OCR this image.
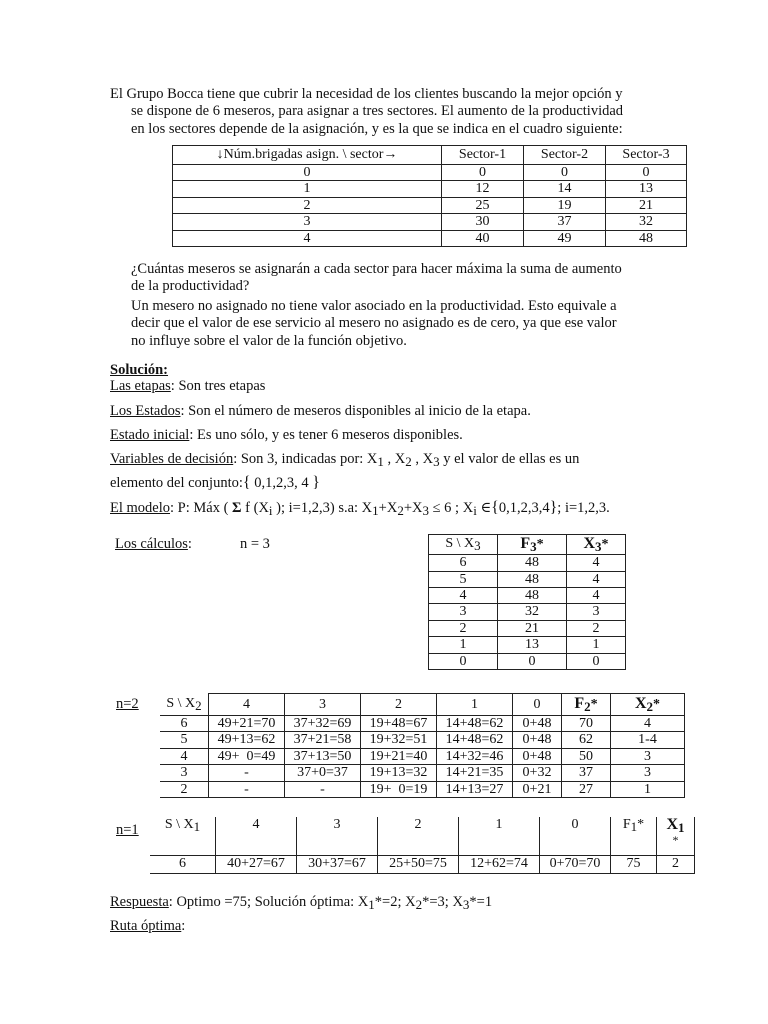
El Grupo Bocca tiene que cubrir la necesidad de los clientes buscando la mejor opción y
se dispone de 6 meseros, para asignar a tres sectores. El aumento de la productividad
en los sectores depende de la asignación, y es la que se indica en el cuadro siguiente:
↓Núm.brigadas asign. \ sector→	Sector-1	Sector-2	Sector-3
0	0	0	0
1	12	14	13
2	25	19	21
3	30	37	32
4	40	49	48
¿Cuántas meseros se asignarán a cada sector para hacer máxima la suma de aumento
de la productividad?
Un mesero no asignado no tiene valor asociado en la productividad. Esto equivale a
decir que el valor de ese servicio al mesero no asignado es de cero, ya que ese valor
no influye sobre el valor de la función objetivo.
Solución:
Las etapas: Son tres etapas
Los Estados: Son el número de meseros disponibles al inicio de la etapa.
Estado inicial: Es uno sólo, y es tener 6 meseros disponibles.
Variables de decisión: Son 3, indicadas por: X1 , X2 , X3 y el valor de ellas es un
elemento del conjunto:{ 0,1,2,3, 4 }
El modelo: P: Máx ( Σ f (Xi ); i=1,2,3) s.a: X1+X2+X3 ≤ 6 ; Xi ∈{0,1,2,3,4}; i=1,2,3.
Los cálculos:	n = 3	S \ X3	F3*	X3*
6	48	4
5	48	4
4	48	4
3	32	3
2	21	2
1	13	1
0	0	0
n=2 S \ X2	4	3	2	1	0	F2*	X2*
6	49+21=70	37+32=69	19+48=67	14+48=62	0+48	70	4
5	49+13=62	37+21=58	19+32=51	14+48=62	0+48	62	1-4
4	49+  0=49	37+13=50	19+21=40	14+32=46	0+48	50	3
3	-	37+0=37	19+13=32	14+21=35	0+32	37	3
2	-	-	19+  0=19	14+13=27	0+21	27	1
n=1 S \ X1	4	3	2	1	0	F1*	X1
*
6	40+27=67	30+37=67	25+50=75	12+62=74	0+70=70	75	2
Respuesta: Optimo =75; Solución óptima: X1*=2; X2*=3; X3*=1
Ruta óptima:
